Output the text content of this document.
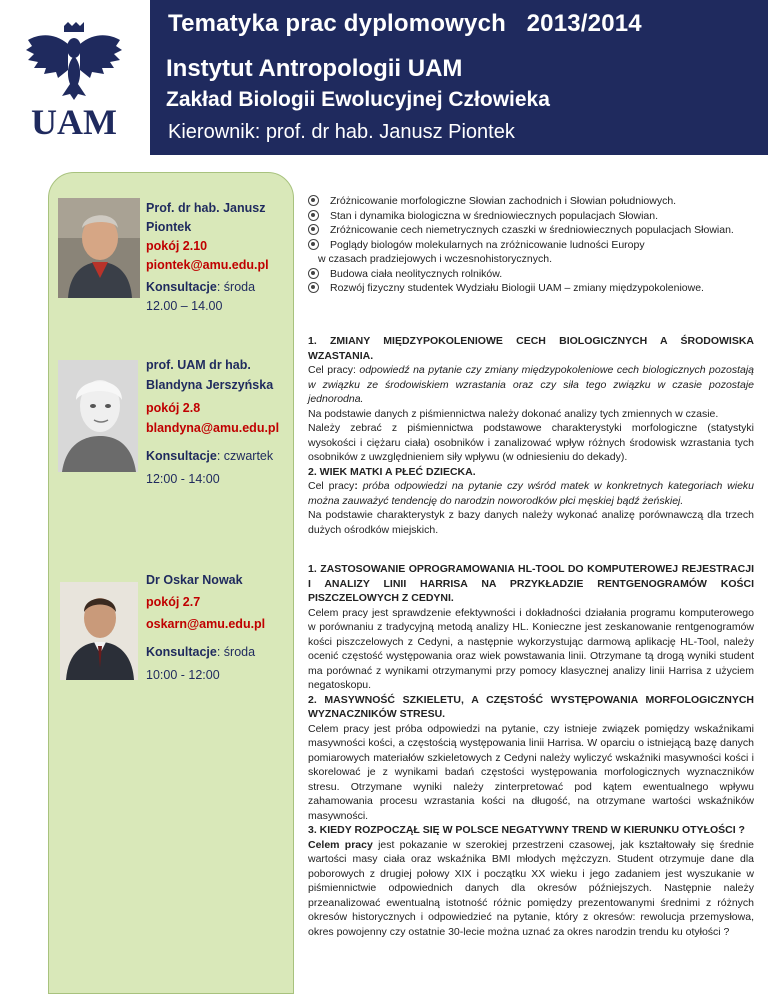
UAM
Tematyka prac dyplomowych   2013/2014
Instytut Antropologii UAM
Zakład Biologii Ewolucyjnej Człowieka
Kierownik: prof. dr hab. Janusz Piontek
Prof. dr hab. Janusz
Piontek
pokój 2.10
piontek@amu.edu.pl
Konsultacje: środa
12.00 – 14.00
prof. UAM dr hab.
Blandyna Jerszyńska
pokój 2.8
blandyna@amu.edu.pl
Konsultacje: czwartek
12:00 - 14:00
Dr Oskar Nowak
pokój 2.7
oskarn@amu.edu.pl
Konsultacje: środa
10:00 - 12:00
Zróżnicowanie morfologiczne Słowian zachodnich i Słowian południowych.
Stan i dynamika biologiczna w średniowiecznych populacjach Słowian.
Zróżnicowanie cech niemetrycznych czaszki w średniowiecznych populacjach Słowian.
Poglądy biologów molekularnych na zróżnicowanie ludności Europy
w czasach pradziejowych i wczesnohistorycznych.
Budowa ciała neolitycznych rolników.
Rozwój fizyczny studentek Wydziału Biologii UAM – zmiany międzypokoleniowe.
1. ZMIANY MIĘDZYPOKOLENIOWE CECH BIOLOGICZNYCH A ŚRODOWISKA WZASTANIA.
Cel pracy: odpowiedź na pytanie czy zmiany międzypokoleniowe cech biologicznych pozostają w związku ze środowiskiem wzrastania oraz czy siła tego związku w czasie pozostaje jednorodna.
Na podstawie danych z piśmiennictwa należy dokonać analizy tych zmiennych w czasie.
Należy zebrać z piśmiennictwa podstawowe charakterystyki morfologiczne (statystyki wysokości i ciężaru ciała) osobników i zanalizować wpływ różnych środowisk wzrastania tych osobników z uwzględnieniem siły wpływu (w odniesieniu do dekady).
2. WIEK MATKI A PŁEĆ DZIECKA.
Cel pracy: próba odpowiedzi na pytanie czy wśród matek w konkretnych kategoriach wieku można zauważyć tendencję do narodzin noworodków płci męskiej bądź żeńskiej.
Na podstawie charakterystyk z bazy danych należy wykonać analizę porównawczą dla trzech dużych ośrodków miejskich.
1. ZASTOSOWANIE OPROGRAMOWANIA HL-TOOL DO KOMPUTEROWEJ REJESTRACJI I ANALIZY LINII HARRISA NA PRZYKŁADZIE RENTGENOGRAMÓW KOŚCI PISZCZELOWYCH Z CEDYNI.
Celem pracy jest sprawdzenie efektywności i dokładności działania programu komputerowego w porównaniu z tradycyjną metodą analizy HL. Konieczne jest zeskanowanie rentgenogramów kości piszczelowych z Cedyni, a następnie wykorzystując darmową aplikację HL-Tool, należy ocenić częstość występowania oraz wiek powstawania linii. Otrzymane tą drogą wyniki student ma porównać z wynikami otrzymanymi przy pomocy klasycznej analizy linii Harrisa z użyciem negatoskopu.
2. MASYWNOŚĆ SZKIELETU, A CZĘSTOŚĆ WYSTĘPOWANIA MORFOLOGICZNYCH WYZNACZNIKÓW STRESU.
Celem pracy jest próba odpowiedzi na pytanie, czy istnieje związek pomiędzy wskaźnikami masywności kości, a częstością występowania linii Harrisa. W oparciu o istniejącą bazę danych pomiarowych materiałów szkieletowych z Cedyni należy wyliczyć wskaźniki masywności kości i skorelować je z wynikami badań częstości występowania morfologicznych wyznaczników stresu. Otrzymane wyniki należy zinterpretować pod kątem ewentualnego wpływu zahamowania procesu wzrastania kości na długość, na otrzymane wartości wskaźników masywności.
3. KIEDY ROZPOCZĄŁ SIĘ W POLSCE NEGATYWNY TREND W KIERUNKU OTYŁOŚCI ?
Celem pracy jest pokazanie w szerokiej przestrzeni czasowej, jak kształtowały się średnie wartości masy ciała oraz wskaźnika BMI młodych mężczyzn. Student otrzymuje dane dla poborowych z drugiej połowy XIX i początku XX wieku i jego zadaniem jest wyszukanie w piśmiennictwie odpowiednich danych dla okresów późniejszych. Następnie należy przeanalizować ewentualną istotność różnic pomiędzy prezentowanymi średnimi z różnych okresów historycznych i odpowiedzieć na pytanie, który z okresów: rewolucja przemysłowa, okres powojenny czy ostatnie 30-lecie można uznać za okres narodzin trendu ku otyłości ?
